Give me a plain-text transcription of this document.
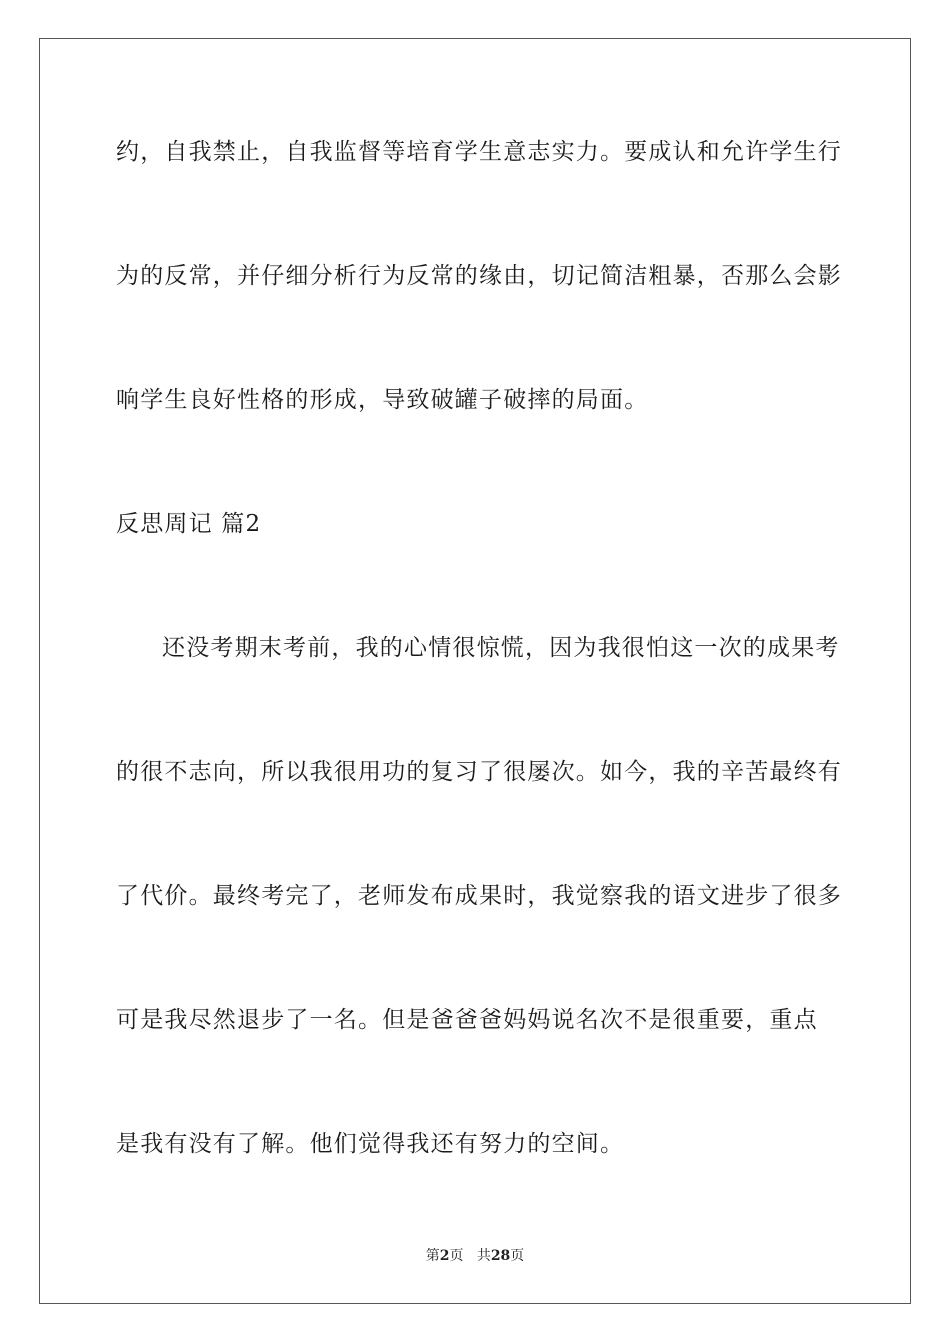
约，自我禁止，自我监督等培育学生意志实力。要成认和允许学生行
为的反常，并仔细分析行为反常的缘由，切记简洁粗暴，否那么会影
响学生良好性格的形成，导致破罐子破摔的局面。
反思周记 篇2
还没考期末考前，我的心情很惊慌，因为我很怕这一次的成果考
的很不志向，所以我很用功的复习了很屡次。如今，我的辛苦最终有
了代价。最终考完了，老师发布成果时，我觉察我的语文进步了很多
可是我尽然退步了一名。但是爸爸爸妈妈说名次不是很重要，重点
是我有没有了解。他们觉得我还有努力的空间。
第2页 共28页
